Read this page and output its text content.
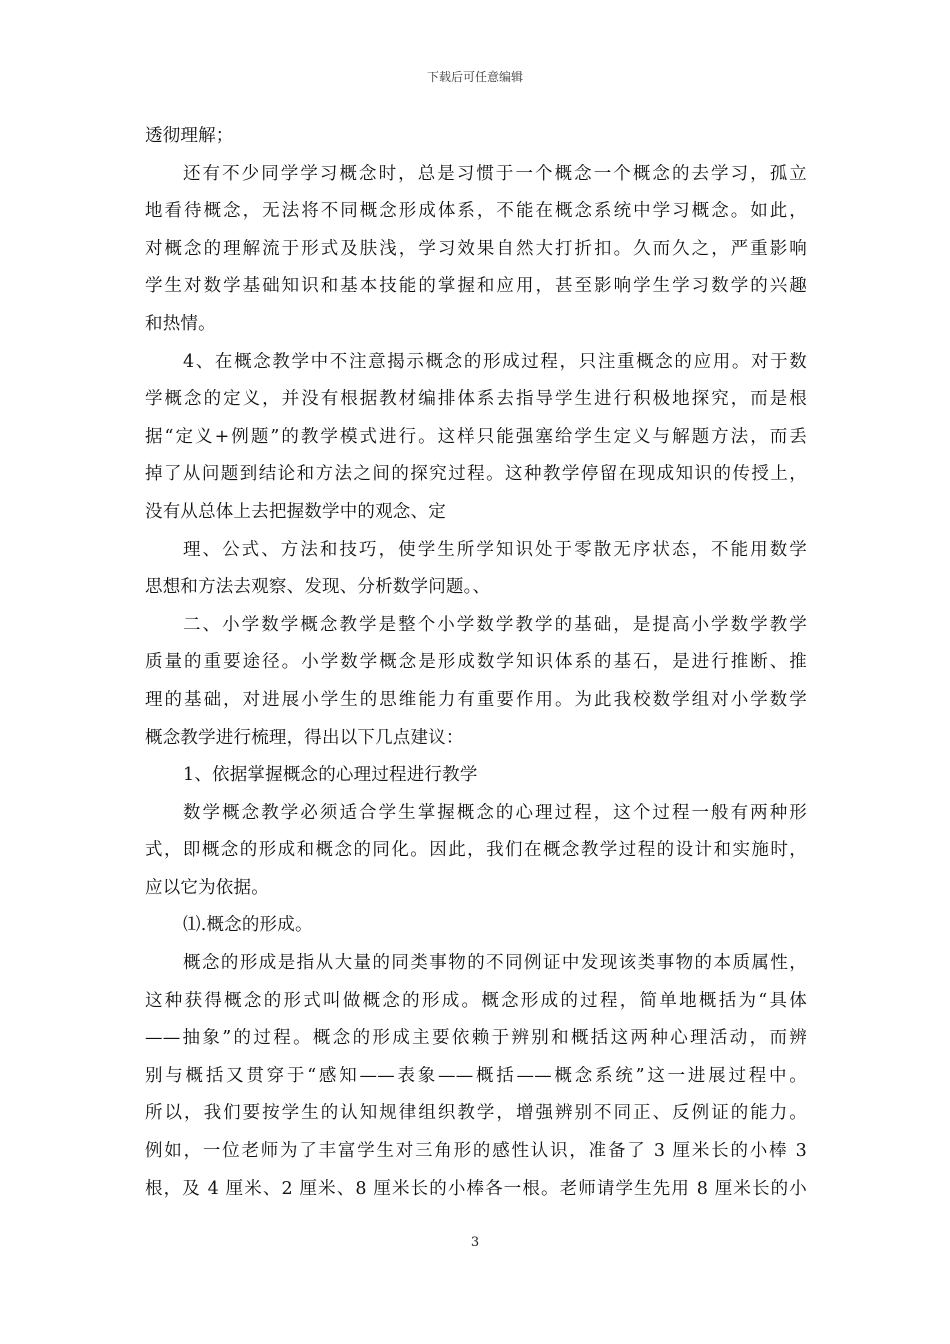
下载后可任意编辑
透彻理解；
还有不少同学学习概念时，总是习惯于一个概念一个概念的去学习，孤立
地看待概念，无法将不同概念形成体系，不能在概念系统中学习概念。如此，
对概念的理解流于形式及肤浅，学习效果自然大打折扣。久而久之，严重影响
学生对数学基础知识和基本技能的掌握和应用，甚至影响学生学习数学的兴趣
和热情。
4、在概念教学中不注意揭示概念的形成过程，只注重概念的应用。对于数
学概念的定义，并没有根据教材编排体系去指导学生进行积极地探究，而是根
据“定义+例题”的教学模式进行。这样只能强塞给学生定义与解题方法，而丢
掉了从问题到结论和方法之间的探究过程。这种教学停留在现成知识的传授上，
没有从总体上去把握数学中的观念、定
理、公式、方法和技巧，使学生所学知识处于零散无序状态，不能用数学
思想和方法去观察、发现、分析数学问题。、
二、小学数学概念教学是整个小学数学教学的基础，是提高小学数学教学
质量的重要途径。小学数学概念是形成数学知识体系的基石，是进行推断、推
理的基础，对进展小学生的思维能力有重要作用。为此我校数学组对小学数学
概念教学进行梳理，得出以下几点建议：
1、依据掌握概念的心理过程进行教学
数学概念教学必须适合学生掌握概念的心理过程，这个过程一般有两种形
式，即概念的形成和概念的同化。因此，我们在概念教学过程的设计和实施时，
应以它为依据。
⑴.概念的形成。
概念的形成是指从大量的同类事物的不同例证中发现该类事物的本质属性，
这种获得概念的形式叫做概念的形成。概念形成的过程，简单地概括为“具体
——抽象”的过程。概念的形成主要依赖于辨别和概括这两种心理活动，而辨
别与概括又贯穿于“感知——表象——概括——概念系统”这一进展过程中。
所以，我们要按学生的认知规律组织教学，增强辨别不同正、反例证的能力。
例如，一位老师为了丰富学生对三角形的感性认识，准备了 3 厘米长的小棒 3
根，及 4 厘米、2 厘米、8 厘米长的小棒各一根。老师请学生先用 8 厘米长的小
3
